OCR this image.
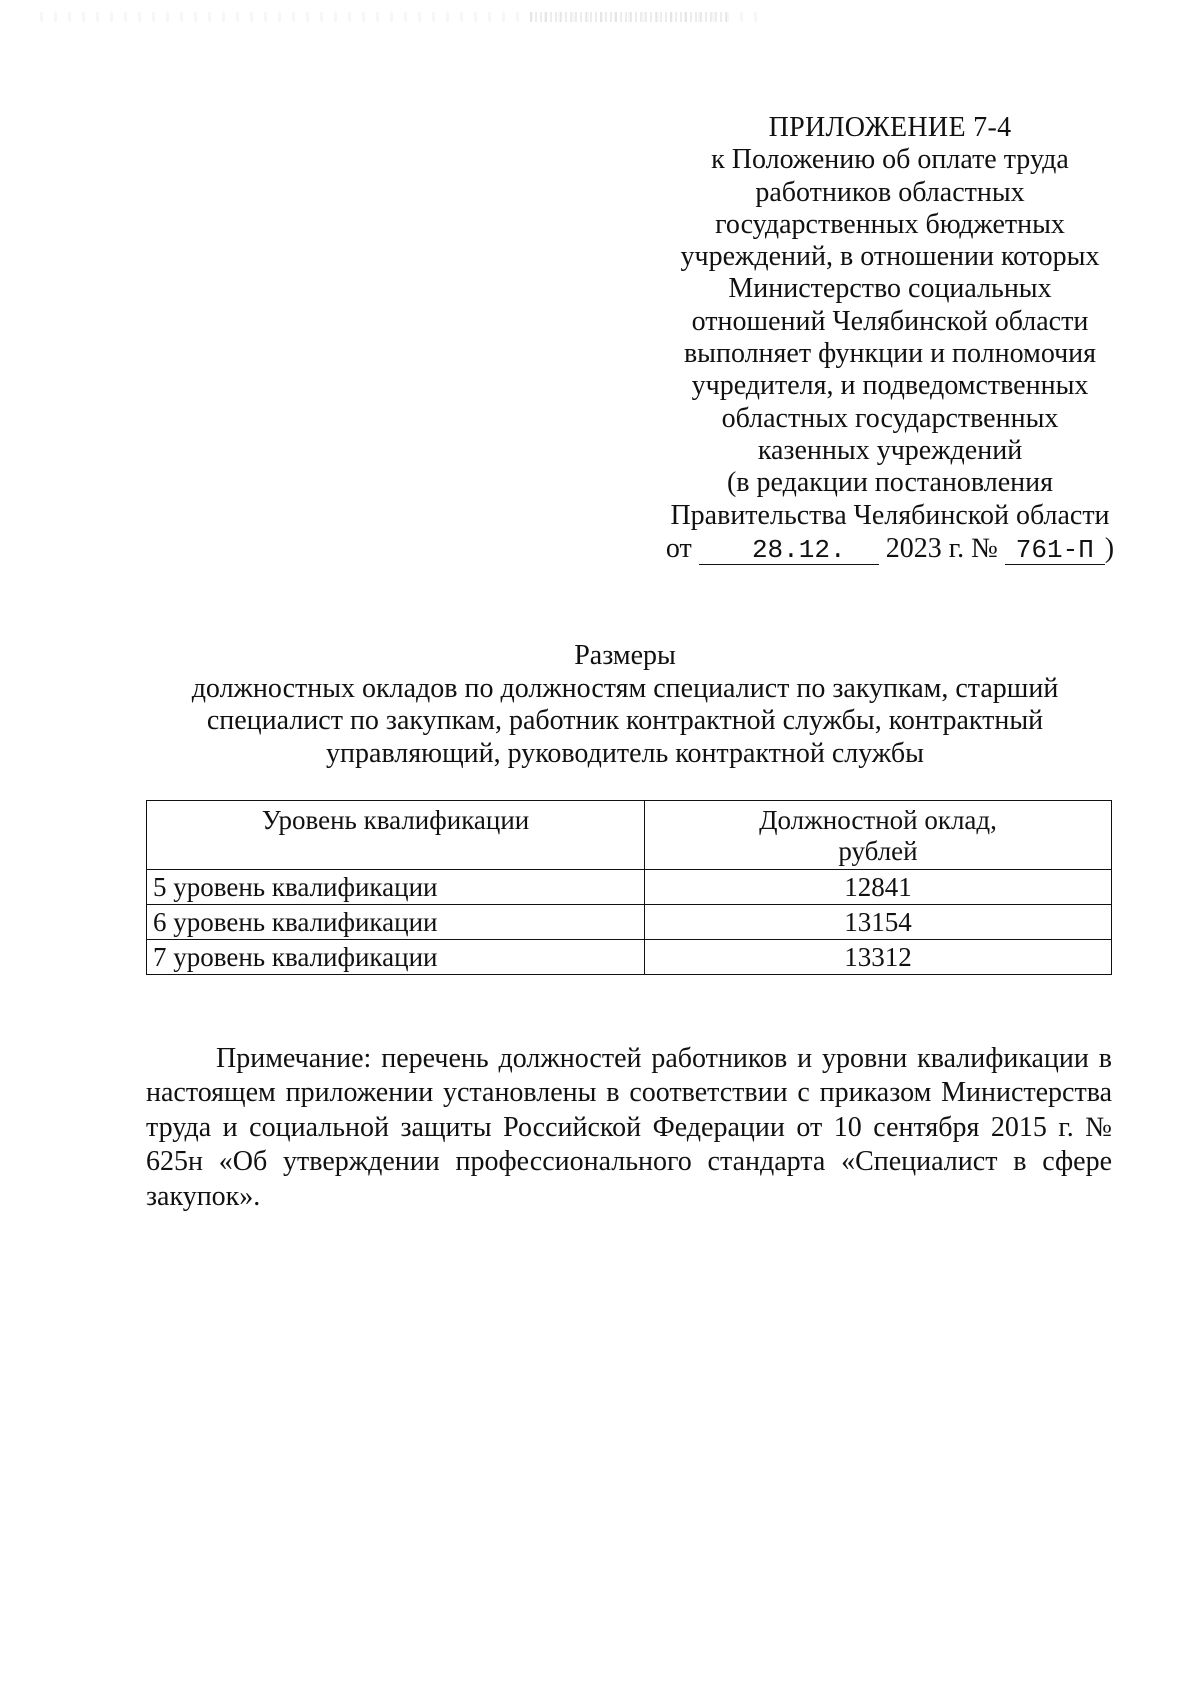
ПРИЛОЖЕНИЕ 7-4
к Положению об оплате труда
работников областных
государственных бюджетных
учреждений, в отношении которых
Министерство социальных
отношений Челябинской области
выполняет функции и полномочия
учредителя, и подведомственных
областных государственных
казенных учреждений
(в редакции постановления
Правительства Челябинской области
от 28.12. 2023 г. № 761-П )
Размеры
должностных окладов по должностям специалист по закупкам, старший
специалист по закупкам, работник контрактной службы, контрактный
управляющий, руководитель контрактной службы
Уровень квалификации	Должностной оклад,
рублей
5 уровень квалификации	12841
6 уровень квалификации	13154
7 уровень квалификации	13312

Примечание: перечень должностей работников и уровни квалификации в настоящем приложении установлены в соответствии с приказом Министерства труда и социальной защиты Российской Федерации от 10 сентября 2015 г. № 625н «Об утверждении профессионального стандарта «Специалист в сфере закупок».
